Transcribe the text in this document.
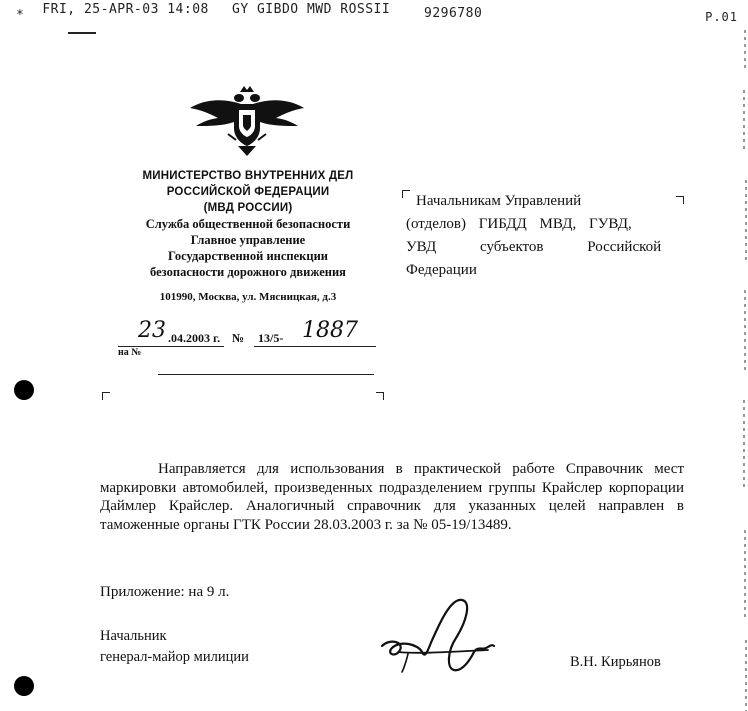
* FRI, 25-APR-03 14:08 GY GIBDO MWD ROSSII	9296780	P.01
МИНИСТЕРСТВО ВНУТРЕННИХ ДЕЛ
РОССИЙСКОЙ ФЕДЕРАЦИИ
(МВД РОССИИ)
Служба общественной безопасности
Главное управление
Государственной инспекции
безопасности дорожного движения
101990, Москва, ул. Мясницкая, д.3
23 .04.2003 г. № 13/5- 1887
на №
Начальникам Управлений
(отделов) ГИБДД МВД, ГУВД,
УВД субъектов Российской
Федерации

Направляется для использования в практической работе Справочник мест маркировки автомобилей, произведенных подразделением группы Крайслер корпорации Даймлер Крайслер. Аналогичный справочник для указанных целей направлен в таможенные органы ГТК России 28.03.2003 г. за № 05-19/13489.

Приложение: на 9 л.
Начальник
генерал-майор милиции	В.Н. Кирьянов
